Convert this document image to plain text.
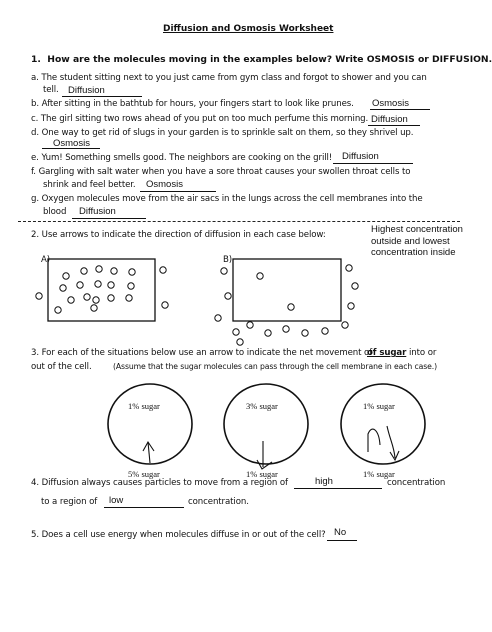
Diffusion and Osmosis Worksheet
1. How are the molecules moving in the examples below? Write OSMOSIS or DIFFUSION.
a. The student sitting next to you just came from gym class and forgot to shower and you can
tell. Diffusion
b. After sitting in the bathtub for hours, your fingers start to look like prunes. Osmosis
c. The girl sitting two rows ahead of you put on too much perfume this morning. Diffusion
d. One way to get rid of slugs in your garden is to sprinkle salt on them, so they shrivel up.
Osmosis
e. Yum! Something smells good. The neighbors are cooking on the grill! Diffusion
f. Gargling with salt water when you have a sore throat causes your swollen throat cells to
shrink and feel better. Osmosis
g. Oxygen molecules move from the air sacs in the lungs across the cell membranes into the
blood Diffusion
2. Use arrows to indicate the direction of diffusion in each case below:	Highest concentration
outside and lowest
concentration inside
A)	B)
3. For each of the situations below use an arrow to indicate the net movement of
of sugar into or
out of the cell.	(Assume that the sugar molecules can pass through the cell membrane in each case.)
1% sugar
5% sugar
3% sugar
1% sugar
1% sugar
1% sugar
4. Diffusion always causes particles to move from a region of	high	concentration
to a region of low	concentration.
5. Does a cell use energy when molecules diffuse in or out of the cell? No
